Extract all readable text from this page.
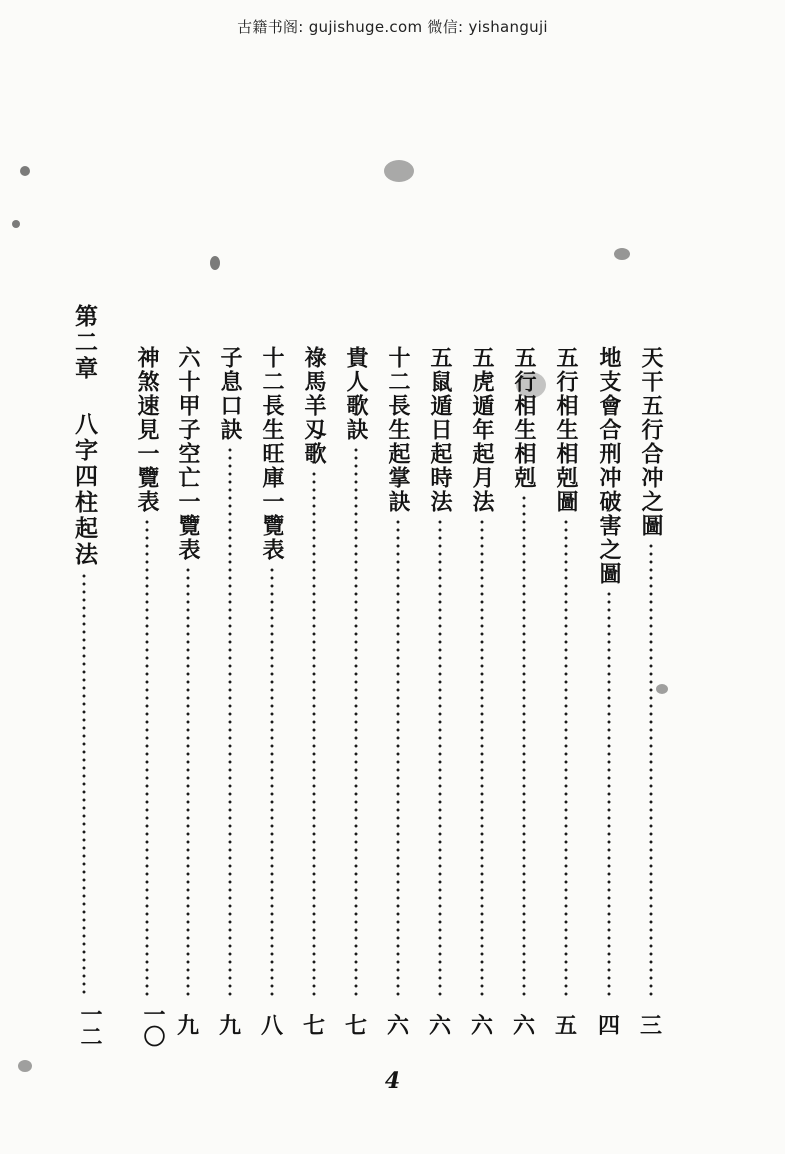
古籍书阁: gujishuge.com 微信: yishanguji
天干五行合冲之圖
地支會合刑冲破害之圖
五行相生相剋圖
五行相生相剋
五虎遁年起月法
五鼠遁日起時法
十二長生起掌訣
貴人歌訣
祿馬羊刄歌
十二長生旺庫一覽表
子息口訣
六十甲子空亡一覽表
神煞速見一覽表
第二章
八字四柱起法
三
四
五
六
六
六
六
七
七
八
九
九
一〇
一二
4
